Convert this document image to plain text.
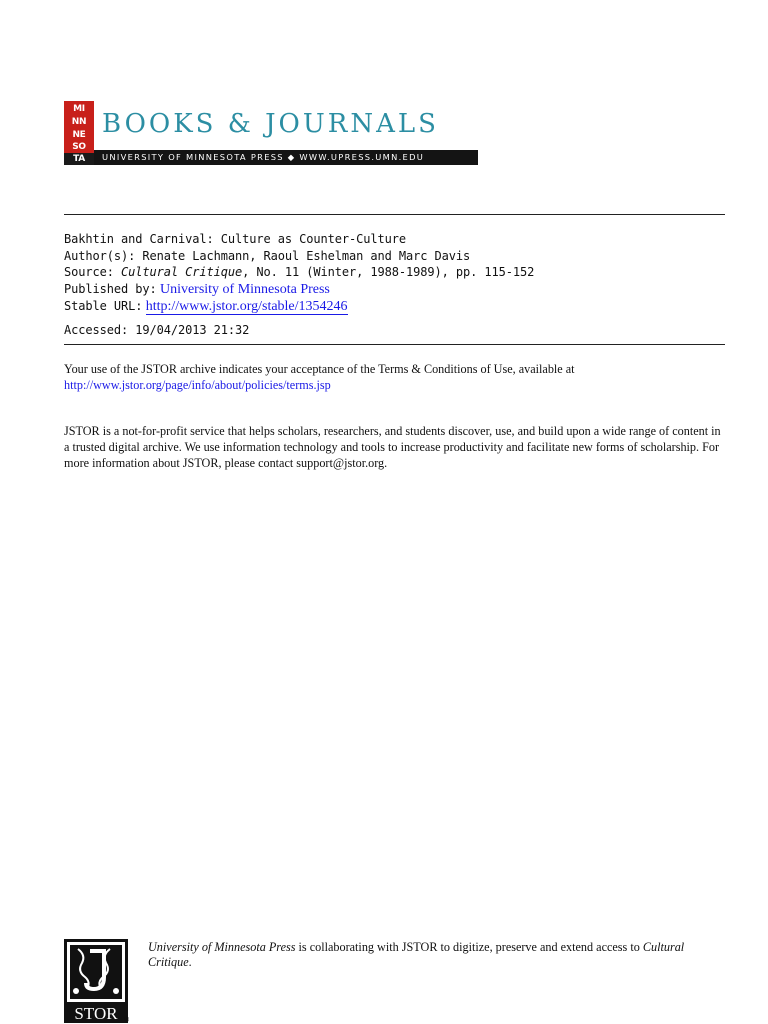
MI
NN
NE
SO
TA
BOOKS & JOURNALS
UNIVERSITY OF MINNESOTA PRESS ◆ WWW.UPRESS.UMN.EDU
Bakhtin and Carnival: Culture as Counter-Culture
Author(s): Renate Lachmann, Raoul Eshelman and Marc Davis
Source: Cultural Critique, No. 11 (Winter, 1988-1989), pp. 115-152
Published by: University of Minnesota Press
Stable URL: http://www.jstor.org/stable/1354246
Accessed: 19/04/2013 21:32
Your use of the JSTOR archive indicates your acceptance of the Terms & Conditions of Use, available at
http://www.jstor.org/page/info/about/policies/terms.jsp
JSTOR is a not-for-profit service that helps scholars, researchers, and students discover, use, and build upon a wide range of content in a trusted digital archive. We use information technology and tools to increase productivity and facilitate new forms of scholarship. For more information about JSTOR, please contact support@jstor.org.
STOR ®
University of Minnesota Press is collaborating with JSTOR to digitize, preserve and extend access to Cultural Critique.
